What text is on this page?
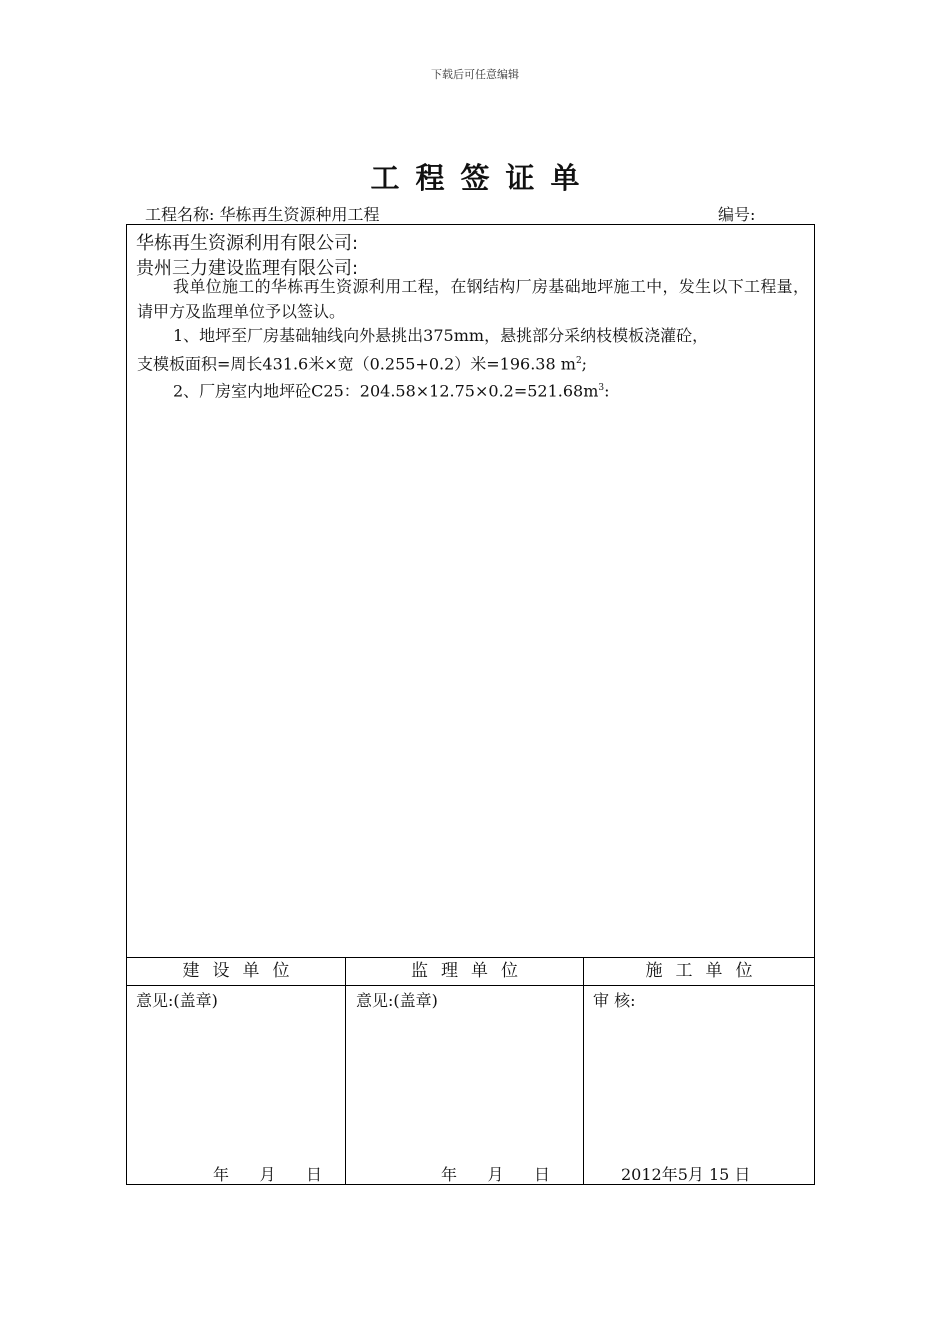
下载后可任意编辑
工程签证单
工程名称: 华栋再生资源种用工程	编号:
华栋再生资源利用有限公司:
贵州三力建设监理有限公司:

我单位施工的华栋再生资源利用工程，在钢结构厂房基础地坪施工中，发生以下工程量，请甲方及监理单位予以签认。

1、地坪至厂房基础轴线向外悬挑出375mm，悬挑部分采纳枝模板浇灌砼，

支模板面积=周长431.6米×宽（0.255+0.2）米=196.38 $m^2$;

2、厂房室内地坪砼C25：$204.58\times 12.75\times 0.2=521.68m^3$:

建设单位	监理单位	施工单位
意见:(盖章)	意见:(盖章)	审 核:
年      月      日	年      月      日	2012年5月 15 日
